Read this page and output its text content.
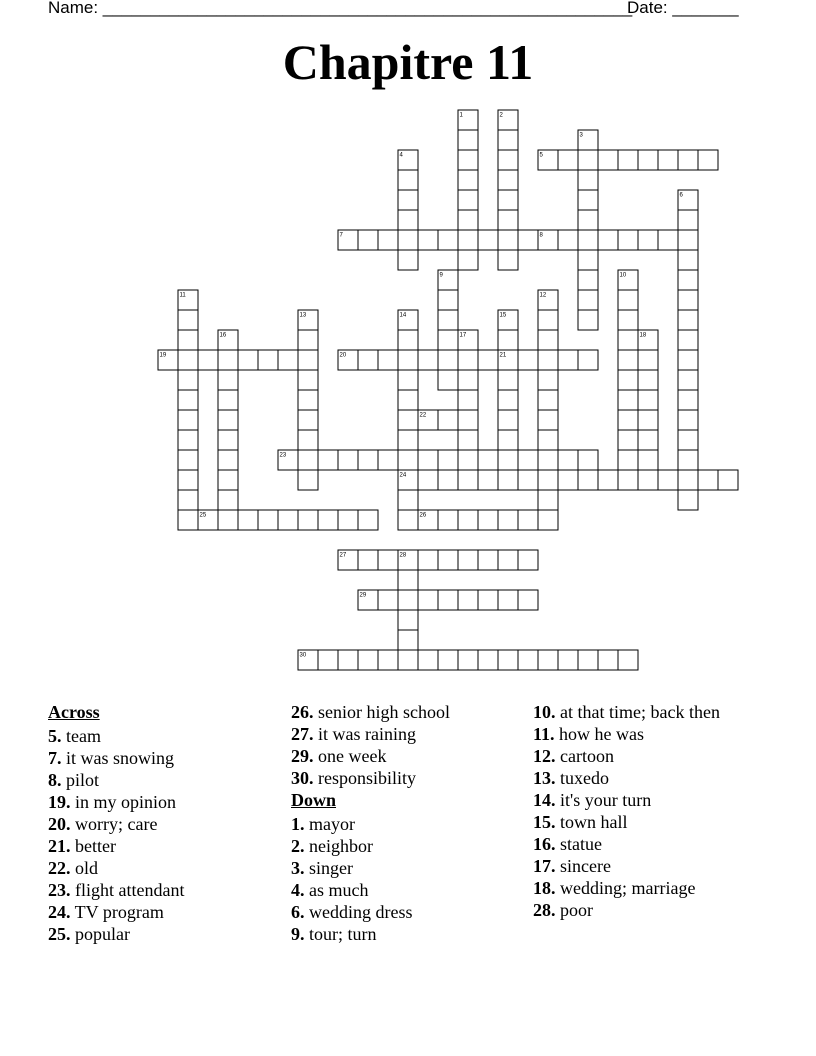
Name: ________________________________________________________
Date: _______
Chapitre 11
5
7	8
19	20	21
22
23
24
25	26
27
29
30
1	2
3
4
6
9	10
11	12
13	14	15
16	17	18
28
Across
5. team
7. it was snowing
8. pilot
19. in my opinion
20. worry; care
21. better
22. old
23. flight attendant
24. TV program
25. popular
26. senior high school
27. it was raining
29. one week
30. responsibility
Down
1. mayor
2. neighbor
3. singer
4. as much
6. wedding dress
9. tour; turn
10. at that time; back then
11. how he was
12. cartoon
13. tuxedo
14. it's your turn
15. town hall
16. statue
17. sincere
18. wedding; marriage
28. poor
